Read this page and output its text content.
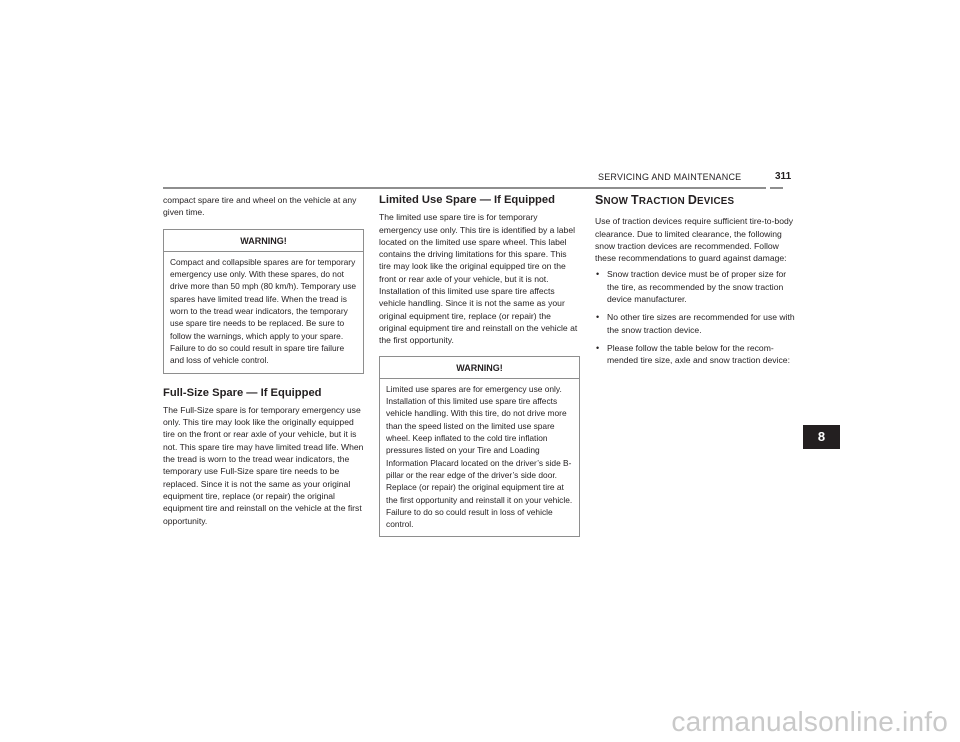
SERVICING AND MAINTENANCE	311

compact spare tire and wheel on the vehicle at any given time.

WARNING!
Compact and collapsible spares are for temporary emergency use only. With these spares, do not drive more than 50 mph (80 km/h). Temporary use spares have limited tread life. When the tread is worn to the tread wear indicators, the temporary use spare tire needs to be replaced. Be sure to follow the warnings, which apply to your spare. Failure to do so could result in spare tire failure and loss of vehicle control.
Full-Size Spare — If Equipped

The Full-Size spare is for temporary emergency use only. This tire may look like the originally equipped tire on the front or rear axle of your vehicle, but it is not. This spare tire may have limited tread life. When the tread is worn to the tread wear indicators, the temporary use Full-Size spare tire needs to be replaced. Since it is not the same as your original equipment tire, replace (or repair) the original equipment tire and reinstall on the vehicle at the first opportunity.

Limited Use Spare — If Equipped

The limited use spare tire is for temporary emergency use only. This tire is identified by a label located on the limited use spare wheel. This label contains the driving limitations for this spare. This tire may look like the original equipped tire on the front or rear axle of your vehicle, but it is not. Installation of this limited use spare tire affects vehicle handling. Since it is not the same as your original equipment tire, replace (or repair) the original equipment tire and reinstall on the vehicle at the first opportunity.

WARNING!
Limited use spares are for emergency use only. Installation of this limited use spare tire affects vehicle handling. With this tire, do not drive more than the speed listed on the limited use spare wheel. Keep inflated to the cold tire inflation pressures listed on your Tire and Loading Information Placard located on the driver’s side B-pillar or the rear edge of the driver’s side door. Replace (or repair) the original equipment tire at the first opportunity and reinstall it on your vehicle. Failure to do so could result in loss of vehicle control.
SNOW TRACTION DEVICES

Use of traction devices require sufficient tire-to-body clearance. Due to limited clearance, the following snow traction devices are recommended. Follow these recommendations to guard against damage:

• Snow traction device must be of proper size for the tire, as recommended by the snow traction device manufacturer.
• No other tire sizes are recommended for use with the snow traction device.
• Please follow the table below for the recom-mended tire size, axle and snow traction device:
8
carmanualsonline.info
